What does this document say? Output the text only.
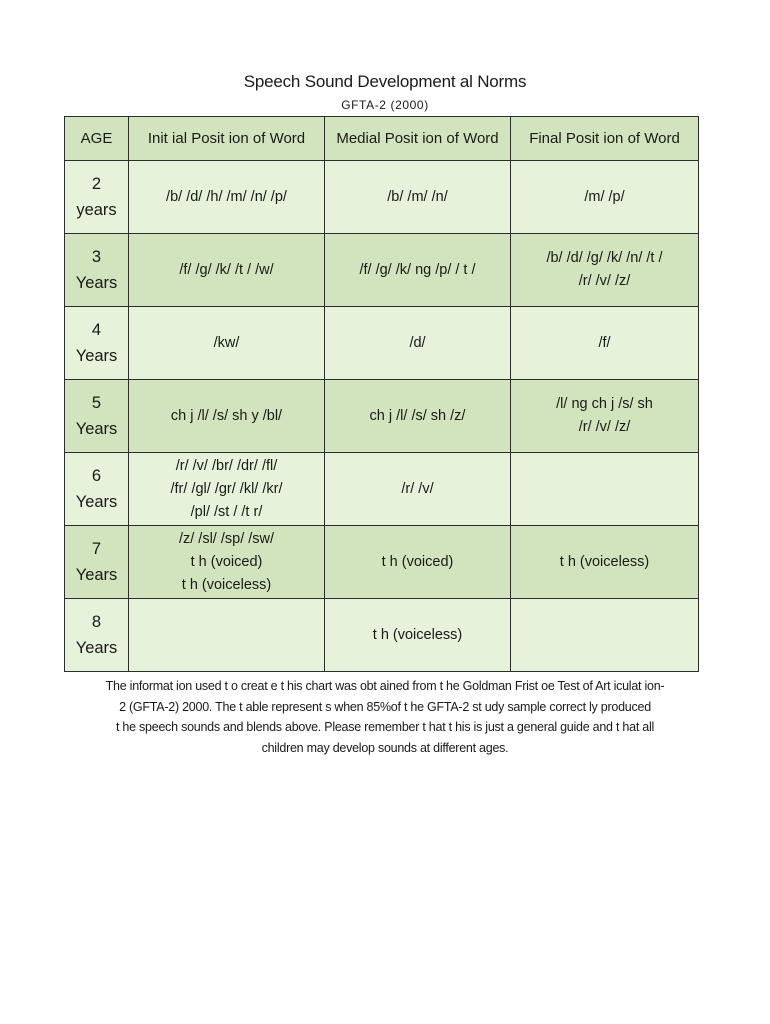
Speech Sound Development al Norms
GFTA-2 (2000)
AGE	Init ial Posit ion of Word	Medial Posit ion of Word	Final Posit ion of Word

2
years	/b/ /d/ /h/ /m/ /n/ /p/	/b/ /m/ /n/	/m/ /p/

3
Years	/f/ /g/ /k/ /t / /w/	/f/ /g/ /k/ ng /p/ / t /	/b/ /d/ /g/ /k/ /n/ /t /
/r/ /v/ /z/

4
Years	/kw/	/d/	/f/

5
Years	ch j /l/ /s/ sh y /bl/	ch j /l/ /s/ sh /z/	/l/ ng ch j /s/ sh
/r/ /v/ /z/

6
Years	/r/ /v/ /br/ /dr/ /fl/
/fr/ /gl/ /gr/ /kl/ /kr/
/pl/ /st / /t r/	/r/ /v/	

7
Years	/z/ /sl/ /sp/ /sw/
t h (voiced)
t h (voiceless)	t h (voiced)	t h (voiceless)

8
Years		t h (voiceless)	

The informat ion used t o creat e t his chart was obt ained from t he Goldman Frist oe Test of Art iculat ion-
2 (GFTA-2) 2000. The t able represent s when 85%of t he GFTA-2 st udy sample correct ly produced
t he speech sounds and blends above. Please remember t hat t his is just a general guide and t hat all
children may develop sounds at different ages.
